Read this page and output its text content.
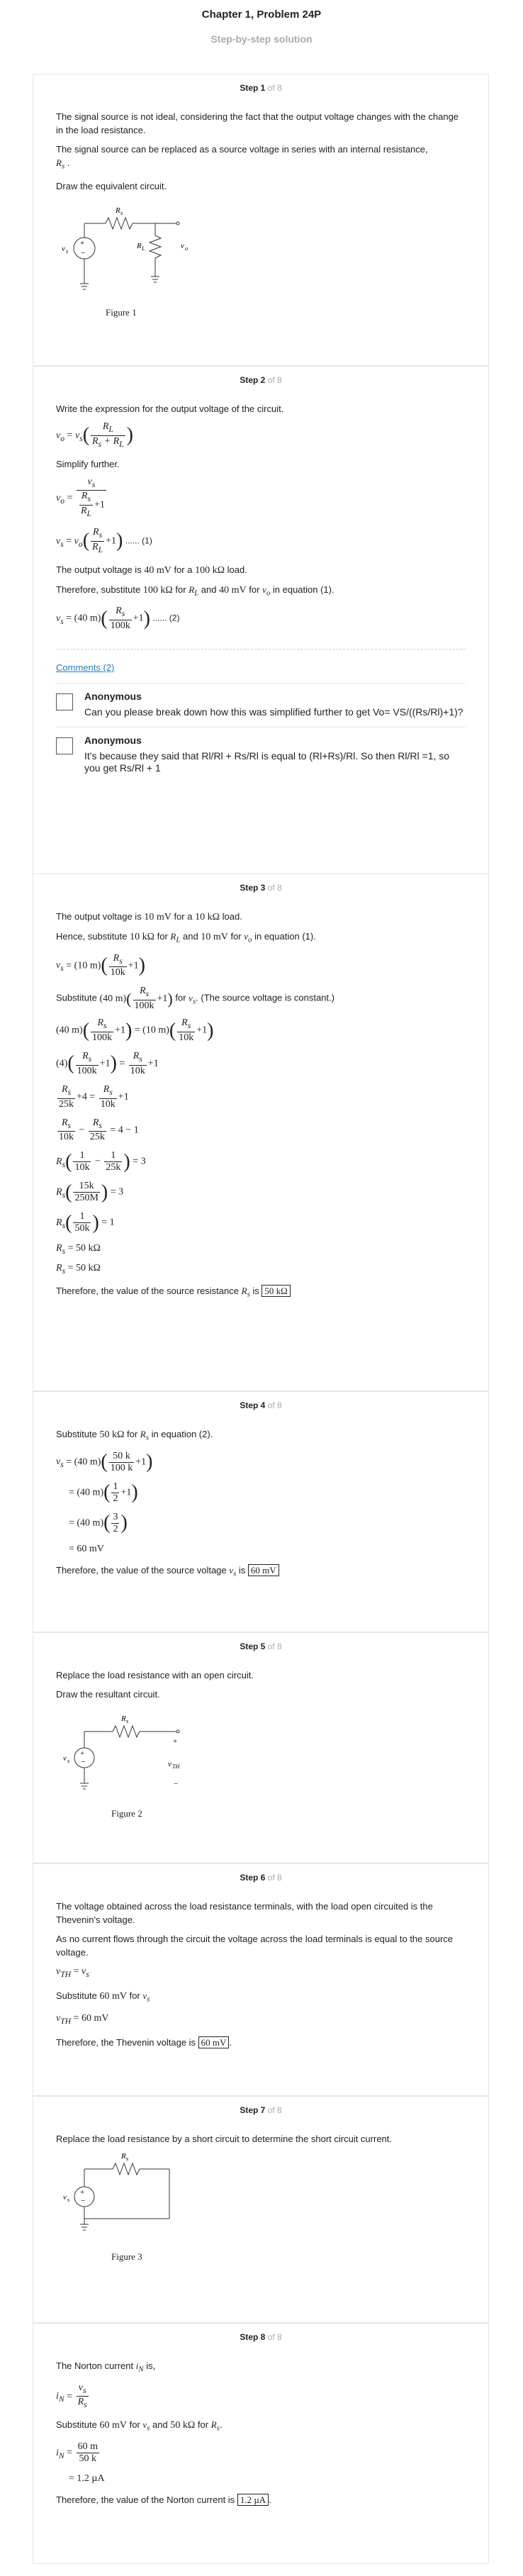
Chapter 1, Problem 24P
Step-by-step solution
Step 1 of 8

The signal source is not ideal, considering the fact that the output voltage changes with the change in the load resistance.

The signal source can be replaced as a source voltage in series with an internal resistance,
$R_s$ .

Draw the equivalent circuit.

+
−
R s
v s
R L	v o
Figure 1
Step 2 of 8

Write the expression for the output voltage of the circuit.

$v_o = v_s( \frac{R_L}{R_s + R_L}$ )

Simplify further.

$v_o = \frac{v_s}{\frac{R_s}{R_L} +1}$
$v_s = v_o( \frac{R_s}{R_L} +1)$ ...... (1)

The output voltage is 40 mV for a 100 kΩ load.

Therefore, substitute 100 kΩ for $R_L$ and 40 mV for $v_o$ in equation (1).

$v_s = (40$ $m)( \frac{R_s}{100k} +1)$ ...... (2)
Comments (2)
Anonymous
Can you please break down how this was simplified further to get Vo= VS/((Rs/Rl)+1)?
Anonymous
It's because they said that Rl/Rl + Rs/Rl is equal to (Rl+Rs)/Rl. So then Rl/Rl =1, so you get Rs/Rl + 1
Step 3 of 8

The output voltage is 10 mV for a 10 kΩ load.

Hence, substitute 10 kΩ for $R_L$ and 10 mV for $v_o$ in equation (1).

$v_s = (10$ $m)( \frac{R_s}{10k} +1)$

Substitute (40 $m)( \frac{R_s}{100k} +1)$ for $v_s$. (The source voltage is constant.)

(40 $m)( \frac{R_s}{100k} +1) = (10$ $m)( \frac{R_s}{10k} +1)$
$(4)( \frac{R_s}{100k} +1) = \frac{R_s}{10k} +1$
$\frac{R_s}{25k} +4 = \frac{R_s}{10k} +1$
$\frac{R_s}{10k} - \frac{R_s}{25k} = 4 - 1$
$R_s( \frac{1}{10k} - \frac{1}{25k}$ ) = 3
$R_s( \frac{15k}{250M}$ ) = 3
$R_s( \frac{1}{50k}$ ) = 1
$R_s = 50$ kΩ
$R_s = 50$ kΩ

Therefore, the value of the source resistance $R_s$ is 50 kΩ

Step 4 of 8

Substitute 50 kΩ for $R_s$ in equation (2).

$v_s = (40$ $m)( \frac{50 k}{100 k} +1)$
= (40 $m)( \frac{1}{2} +1)$
= (40 $m)( \frac{3}{2}$ )
= 60 mV

Therefore, the value of the source voltage $v_s$ is 60 mV

Step 5 of 8

Replace the load resistance with an open circuit.

Draw the resultant circuit.

+
−
R s
v s
+
v TH
−
Figure 2
Step 6 of 8

The voltage obtained across the load resistance terminals, with the load open circuited is the Thevenin's voltage.

As no current flows through the circuit the voltage across the load terminals is equal to the source voltage.

$v_{TH} = v_s$

Substitute 60 mV for $v_s$

$v_{TH} = 60$ mV

Therefore, the Thevenin voltage is 60 mV .

Step 7 of 8

Replace the load resistance by a short circuit to determine the short circuit current.

+
−
R s
v s
Figure 3
Step 8 of 8

The Norton current $i_N$ is,

$i_N = \frac{v_s}{R_s}$

Substitute 60 mV for $v_s$ and 50 kΩ for $R_s$.

$i_N = \frac{60 m}{50 k}$
= 1.2 µA

Therefore, the value of the Norton current is 1.2 µA .
